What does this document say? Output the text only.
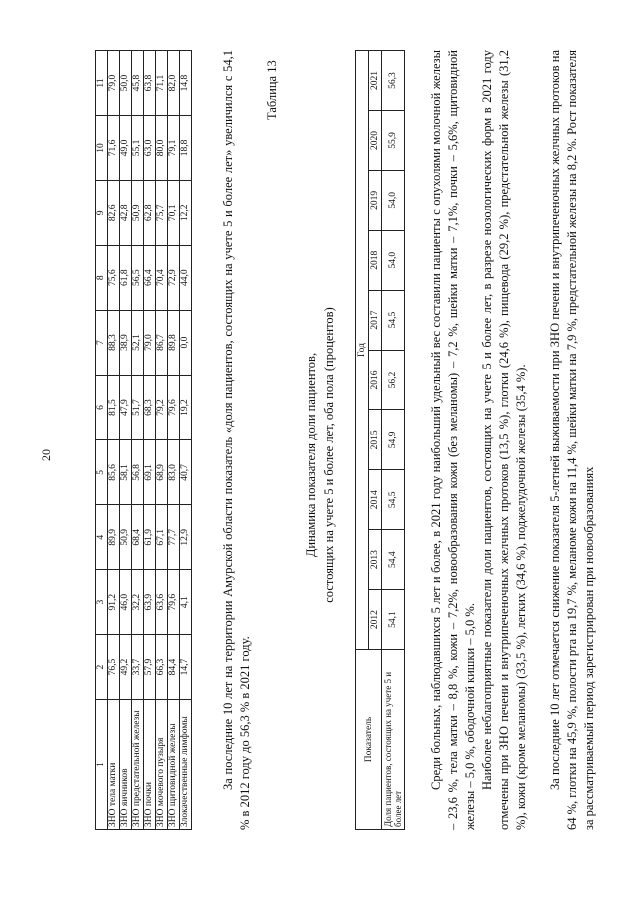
20
1	2	3	4	5	6	7	8	9	10	11
ЗНО тела матки	76,5	91,2	89,9	85,6	81,5	88,3	75,6	82,6	71,6	79,0
ЗНО яичников	49,2	46,0	50,9	58,1	47,9	38,9	61,8	42,8	49,0	50,0
ЗНО предстательной железы	33,7	32,2	68,4	56,8	51,7	52,1	56,5	50,9	55,1	45,8
ЗНО почки	57,9	63,9	61,9	69,1	68,3	79,0	66,4	62,8	63,0	63,8
ЗНО мочевого пузыря	66,3	63,6	67,1	68,9	79,2	86,7	70,4	75,7	80,0	71,1
ЗНО щитовидной железы	84,4	79,6	77,7	83,0	79,6	89,8	72,9	70,1	79,1	82,0
Злокачественные лимфомы	14,7	4,1	12,9	40,7	19,2	0,0	44,0	12,2	18,8	14,8 За последние 10 лет на территории Амурской области показатель «доля пациентов, состоящих на учете 5 и более лет» увеличился с 54,1 % в 2012 году до 56,3 % в 2021 году.

Таблица 13
Динамика показателя доли пациентов, состоящих на учете 5 и более лет, оба пола (процентов)
Показатель	Год									
	2012	2013	2014	2015	2016	2017	2018	2019	2020	2021
Доля пациентов, состоящих на учете 5 и более лет	54,1	54,4	54,5	54,9	56,2	54,5	54,0	54,0	55,9	56,3 Среди больных, наблюдавшихся 5 лет и более, в 2021 году наибольший удельный вес составили пациенты с опухолями молочной железы – 23,6 %, тела матки – 8,8 %, кожи – 7,2%, новообразования кожи (без меланомы) – 7,2 %, шейки матки – 7,1%, почки – 5,6%, щитовидной железы – 5,0 %, ободочной кишки – 5,0 %. Наиболее неблагоприятные показатели доли пациентов, состоящих на учете 5 и более лет, в разрезе нозологических форм в 2021 году отмечены при ЗНО печени и внутрипеченочных желчных протоков (13,5 %), глотки (24,6 %), пищевода (29,2 %), предстательной железы (31,2 %), кожи (кроме меланомы) (33,5 %), легких (34,6 %), поджелудочной железы (35,4 %). За последние 10 лет отмечается снижение показателя 5-летней выживаемости при ЗНО печени и внутрипеченочных желчных протоков на 64 %, глотки на 45,9 %, полости рта на 19,7 %, меланоме кожи на 11,4 %, шейки матки на 7,9 %, предстательной железы на 8,2 %. Рост показателя за рассматриваемый период зарегистрирован при новообразованиях
